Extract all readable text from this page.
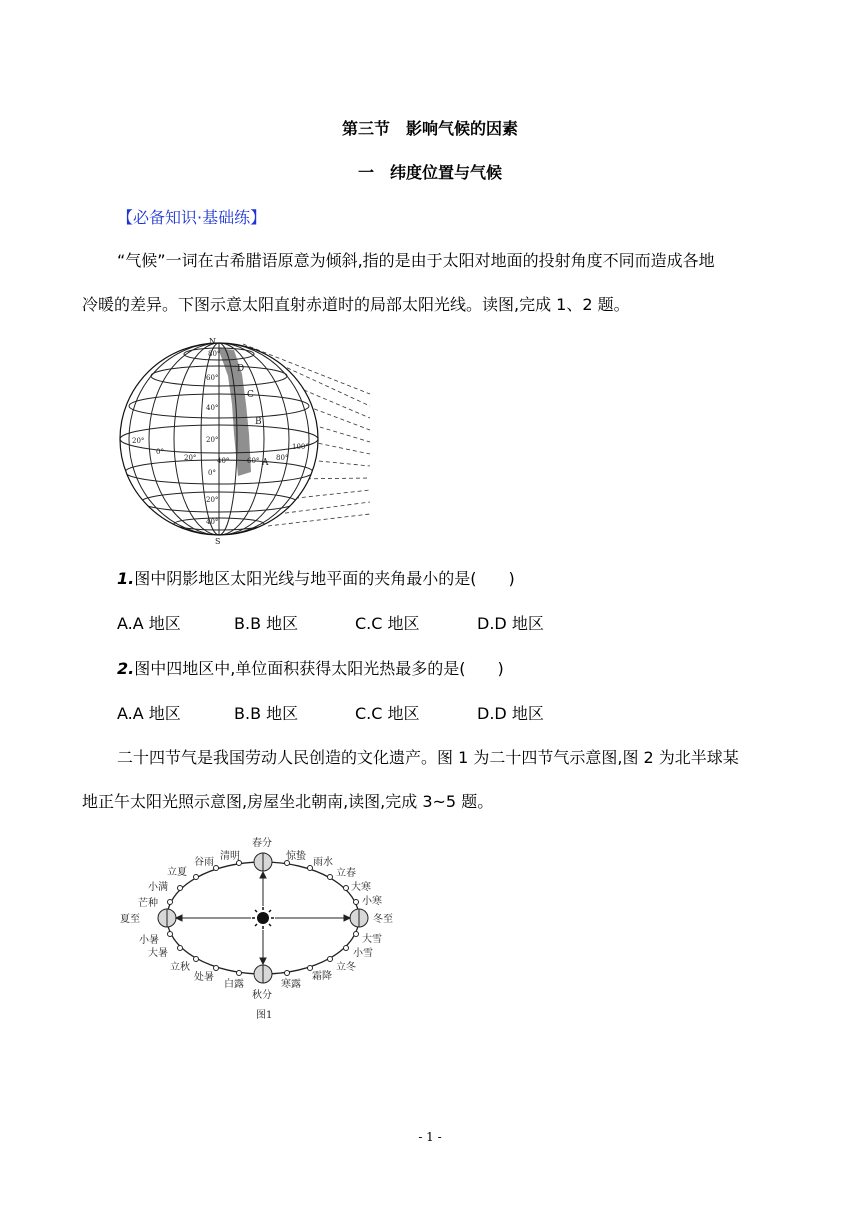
第三节　影响气候的因素
一　纬度位置与气候
【必备知识·基础练】
“气候”一词在古希腊语原意为倾斜,指的是由于太阳对地面的投射角度不同而造成各地
冷暖的差异。下图示意太阳直射赤道时的局部太阳光线。读图,完成 1、2 题。
N
S
80°
60°
40°
20°
0°
20°
40°
20°
0°
20°	40°	60° 80°
100°
A
B
C
D
1.图中阴影地区太阳光线与地平面的夹角最小的是(　　)
A.A 地区	B.B 地区	C.C 地区	D.D 地区
2.图中四地区中,单位面积获得太阳光热最多的是(　　)
A.A 地区	B.B 地区	C.C 地区	D.D 地区
二十四节气是我国劳动人民创造的文化遗产。图 1 为二十四节气示意图,图 2 为北半球某
地正午太阳光照示意图,房屋坐北朝南,读图,完成 3~5 题。
春分
惊蛰
雨水
立春
大寒
小寒
冬至
大雪
小雪
立冬
霜降
寒露
秋分
白露
处暑
立秋
大暑
小暑
夏至
芒种
小满
立夏
谷雨
清明
图1
- 1 -
